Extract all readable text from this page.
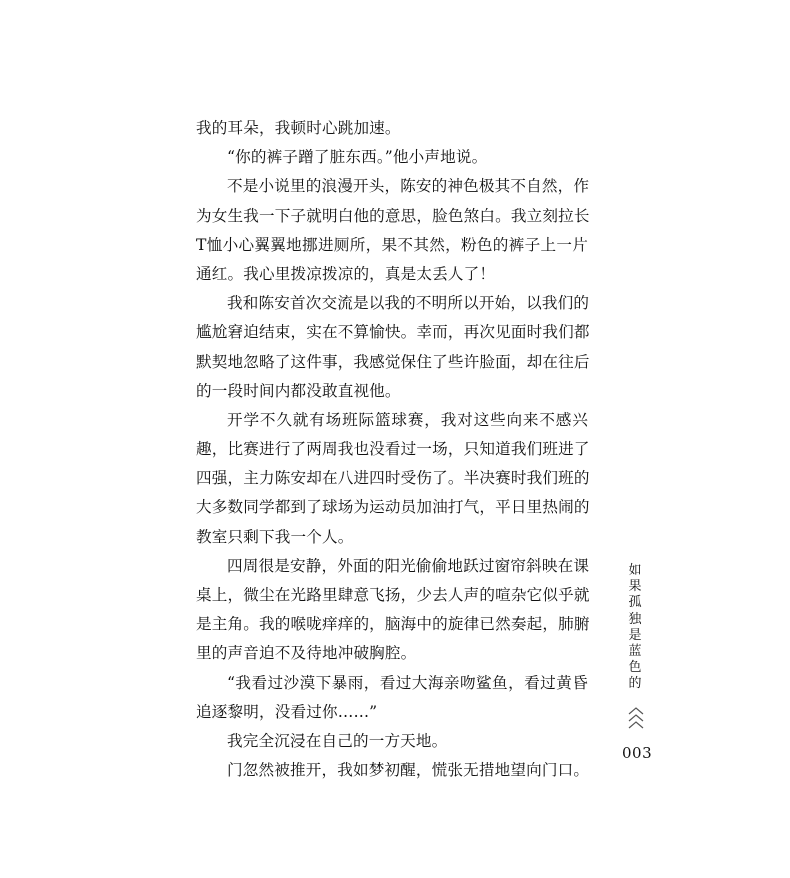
我的耳朵，我顿时心跳加速。
“你的裤子蹭了脏东西。”他小声地说。
不是小说里的浪漫开头，陈安的神色极其不自然，作
为女生我一下子就明白他的意思，脸色煞白。我立刻拉长
T恤小心翼翼地挪进厕所，果不其然，粉色的裤子上一片
通红。我心里拨凉拨凉的，真是太丢人了！
我和陈安首次交流是以我的不明所以开始，以我们的
尴尬窘迫结束，实在不算愉快。幸而，再次见面时我们都
默契地忽略了这件事，我感觉保住了些许脸面，却在往后
的一段时间内都没敢直视他。
开学不久就有场班际篮球赛，我对这些向来不感兴
趣，比赛进行了两周我也没看过一场，只知道我们班进了
四强，主力陈安却在八进四时受伤了。半决赛时我们班的
大多数同学都到了球场为运动员加油打气，平日里热闹的
教室只剩下我一个人。
四周很是安静，外面的阳光偷偷地跃过窗帘斜映在课
桌上，微尘在光路里肆意飞扬，少去人声的喧杂它似乎就
是主角。我的喉咙痒痒的，脑海中的旋律已然奏起，肺腑
里的声音迫不及待地冲破胸腔。
“我看过沙漠下暴雨，看过大海亲吻鲨鱼，看过黄昏
追逐黎明，没看过你……”
我完全沉浸在自己的一方天地。
门忽然被推开，我如梦初醒，慌张无措地望向门口。
如果孤独是蓝色的
003
